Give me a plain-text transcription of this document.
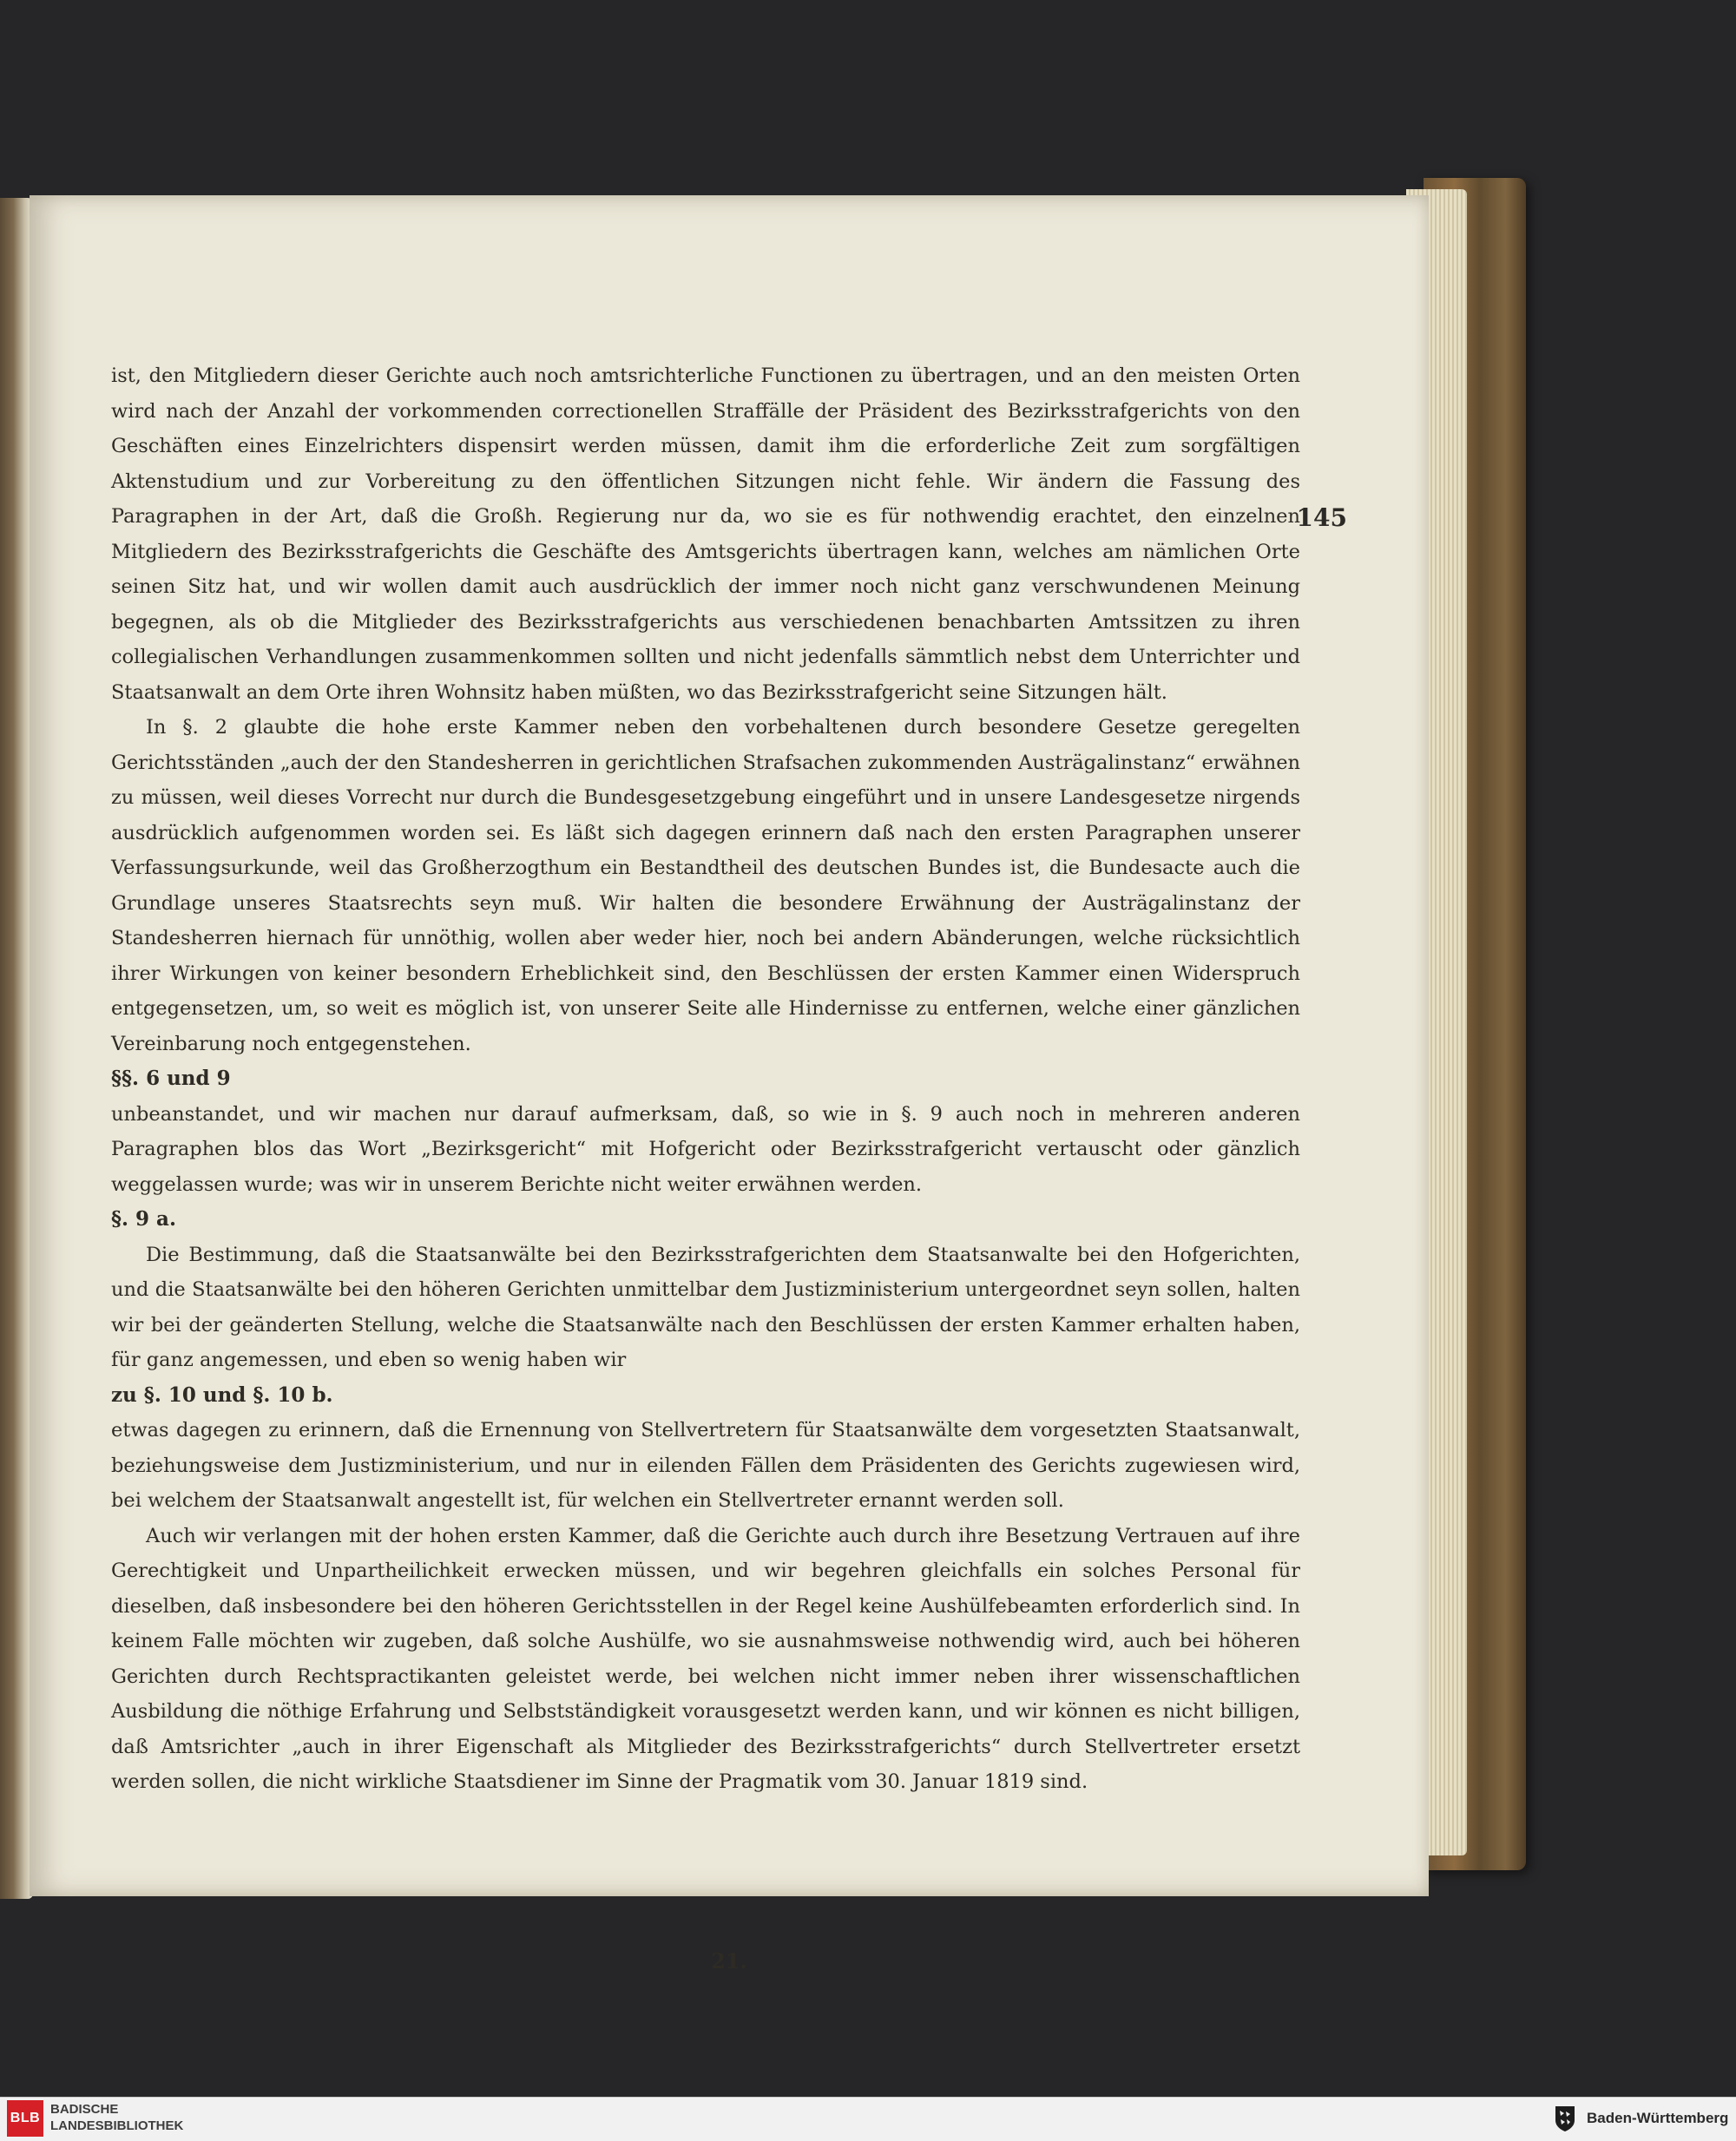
145
21.

ist, den Mitgliedern dieser Gerichte auch noch amtsrichterliche Functionen zu übertragen, und an den meisten Orten wird nach der Anzahl der vorkommenden correctionellen Straffälle der Präsident des Bezirksstrafgerichts von den Geschäften eines Einzelrichters dispensirt werden müssen, damit ihm die erforderliche Zeit zum sorgfältigen Aktenstudium und zur Vorbereitung zu den öffentlichen Sitzungen nicht fehle. Wir ändern die Fassung des Paragraphen in der Art, daß die Großh. Regierung nur da, wo sie es für nothwendig erachtet, den einzelnen Mitgliedern des Bezirksstrafgerichts die Geschäfte des Amtsgerichts übertragen kann, welches am nämlichen Orte seinen Sitz hat, und wir wollen damit auch ausdrücklich der immer noch nicht ganz verschwundenen Meinung begegnen, als ob die Mitglieder des Bezirksstrafgerichts aus verschiedenen benachbarten Amtssitzen zu ihren collegialischen Verhandlungen zusammenkommen sollten und nicht jedenfalls sämmtlich nebst dem Unterrichter und Staatsanwalt an dem Orte ihren Wohnsitz haben müßten, wo das Bezirksstrafgericht seine Sitzungen hält.

In §. 2 glaubte die hohe erste Kammer neben den vorbehaltenen durch besondere Gesetze geregelten Gerichtsständen „auch der den Standesherren in gerichtlichen Strafsachen zukommenden Austrägalinstanz“ erwähnen zu müssen, weil dieses Vorrecht nur durch die Bundesgesetzgebung eingeführt und in unsere Landesgesetze nirgends ausdrücklich aufgenommen worden sei. Es läßt sich dagegen erinnern daß nach den ersten Paragraphen unserer Verfassungsurkunde, weil das Großherzogthum ein Bestandtheil des deutschen Bundes ist, die Bundesacte auch die Grundlage unseres Staatsrechts seyn muß. Wir halten die besondere Erwähnung der Austrägalinstanz der Standesherren hiernach für unnöthig, wollen aber weder hier, noch bei andern Abänderungen, welche rücksichtlich ihrer Wirkungen von keiner besondern Erheblichkeit sind, den Beschlüssen der ersten Kammer einen Widerspruch entgegensetzen, um, so weit es möglich ist, von unserer Seite alle Hindernisse zu entfernen, welche einer gänzlichen Vereinbarung noch entgegenstehen.

§§. 6 und 9

unbeanstandet, und wir machen nur darauf aufmerksam, daß, so wie in §. 9 auch noch in mehreren anderen Paragraphen blos das Wort „Bezirksgericht“ mit Hofgericht oder Bezirksstrafgericht vertauscht oder gänzlich weggelassen wurde; was wir in unserem Berichte nicht weiter erwähnen werden.

§. 9 a.

Die Bestimmung, daß die Staatsanwälte bei den Bezirksstrafgerichten dem Staatsanwalte bei den Hofgerichten, und die Staatsanwälte bei den höheren Gerichten unmittelbar dem Justizministerium untergeordnet seyn sollen, halten wir bei der geänderten Stellung, welche die Staatsanwälte nach den Beschlüssen der ersten Kammer erhalten haben, für ganz angemessen, und eben so wenig haben wir

zu §. 10 und §. 10 b.

etwas dagegen zu erinnern, daß die Ernennung von Stellvertretern für Staatsanwälte dem vorgesetzten Staatsanwalt, beziehungsweise dem Justizministerium, und nur in eilenden Fällen dem Präsidenten des Gerichts zugewiesen wird, bei welchem der Staatsanwalt angestellt ist, für welchen ein Stellvertreter ernannt werden soll.

Auch wir verlangen mit der hohen ersten Kammer, daß die Gerichte auch durch ihre Besetzung Vertrauen auf ihre Gerechtigkeit und Unpartheilichkeit erwecken müssen, und wir begehren gleichfalls ein solches Personal für dieselben, daß insbesondere bei den höheren Gerichtsstellen in der Regel keine Aushülfebeamten erforderlich sind. In keinem Falle möchten wir zugeben, daß solche Aushülfe, wo sie ausnahmsweise nothwendig wird, auch bei höheren Gerichten durch Rechtspractikanten geleistet werde, bei welchen nicht immer neben ihrer wissenschaftlichen Ausbildung die nöthige Erfahrung und Selbstständigkeit vorausgesetzt werden kann, und wir können es nicht billigen, daß Amtsrichter „auch in ihrer Eigenschaft als Mitglieder des Bezirksstrafgerichts“ durch Stellvertreter ersetzt werden sollen, die nicht wirkliche Staatsdiener im Sinne der Pragmatik vom 30. Januar 1819 sind.

BLB
BADISCHE
LANDESBIBLIOTHEK	Baden-Württemberg
